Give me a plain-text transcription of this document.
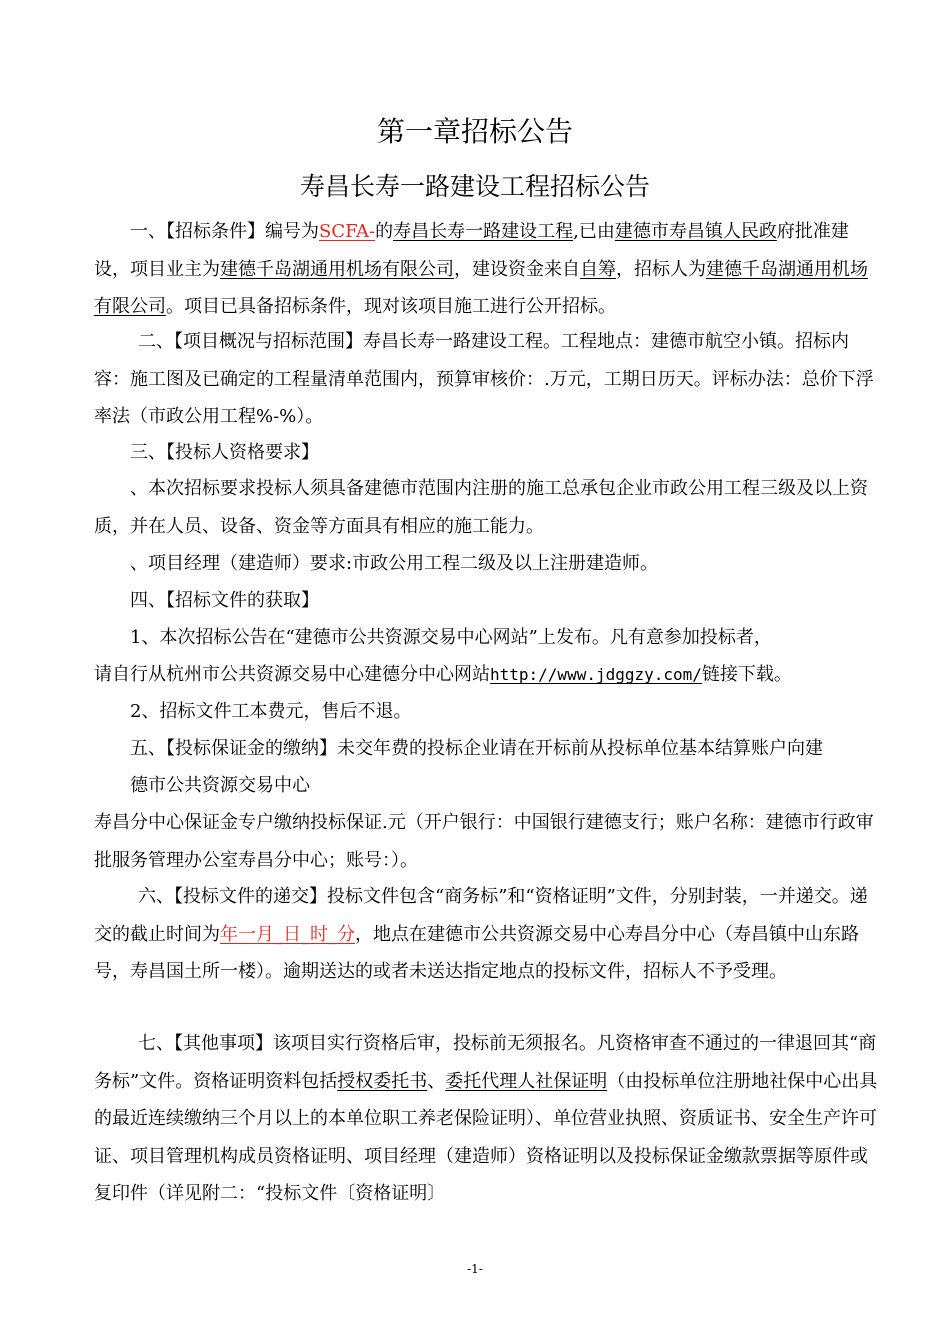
第一章招标公告
寿昌长寿一路建设工程招标公告
一、【招标条件】编号为SCFA-的寿昌长寿一路建设工程,已由建德市寿昌镇人民政府批准建设，项目业主为建德千岛湖通用机场有限公司，建设资金来自自筹，招标人为建德千岛湖通用机场有限公司。项目已具备招标条件，现对该项目施工进行公开招标。
二、【项目概况与招标范围】寿昌长寿一路建设工程。工程地点：建德市航空小镇。招标内容：施工图及已确定的工程量清单范围内，预算审核价：.万元，工期日历天。评标办法：总价下浮率法（市政公用工程%-%）。
三、【投标人资格要求】
、本次招标要求投标人须具备建德市范围内注册的施工总承包企业市政公用工程三级及以上资质，并在人员、设备、资金等方面具有相应的施工能力。
、项目经理（建造师）要求:市政公用工程二级及以上注册建造师。
四、【招标文件的获取】
1、本次招标公告在“建德市公共资源交易中心网站”上发布。凡有意参加投标者，
请自行从杭州市公共资源交易中心建德分中心网站http://www.jdggzy.com/链接下载。
2、招标文件工本费元，售后不退。
五、【投标保证金的缴纳】未交年费的投标企业请在开标前从投标单位基本结算账户向建
德市公共资源交易中心
寿昌分中心保证金专户缴纳投标保证.元（开户银行：中国银行建德支行；账户名称：建德市行政审批服务管理办公室寿昌分中心；账号：）。
六、【投标文件的递交】投标文件包含“商务标”和“资格证明”文件，分别封装，一并递交。递交的截止时间为年一月_日_时_分，地点在建德市公共资源交易中心寿昌分中心（寿昌镇中山东路号，寿昌国土所一楼）。逾期送达的或者未送达指定地点的投标文件，招标人不予受理。
七、【其他事项】该项目实行资格后审，投标前无须报名。凡资格审查不通过的一律退回其“商务标”文件。资格证明资料包括授权委托书、委托代理人社保证明（由投标单位注册地社保中心出具的最近连续缴纳三个月以上的本单位职工养老保险证明）、单位营业执照、资质证书、安全生产许可证、项目管理机构成员资格证明、项目经理（建造师）资格证明以及投标保证金缴款票据等原件或复印件（详见附二：“投标文件〔资格证明〕
-1-
